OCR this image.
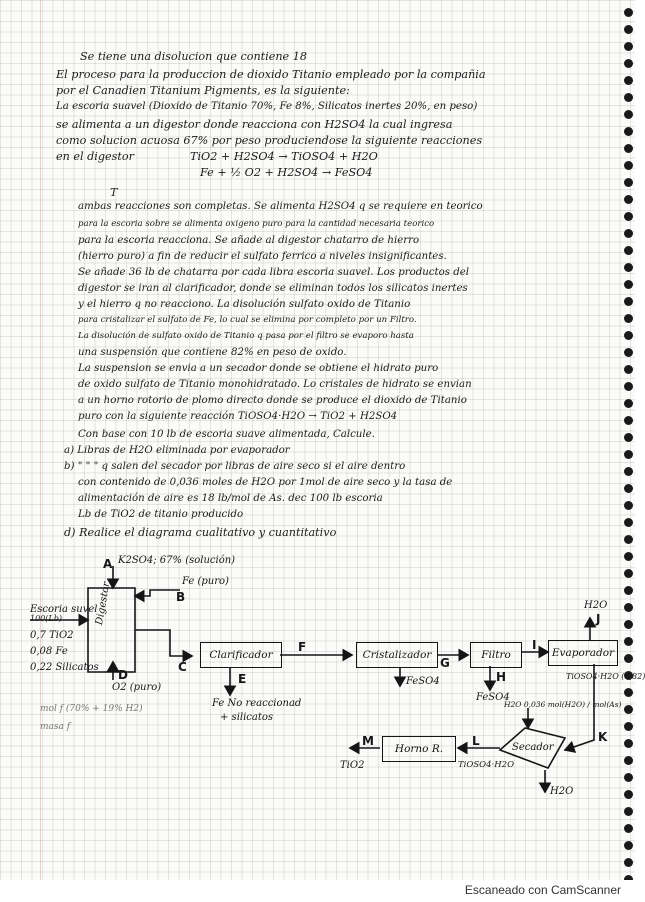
Se tiene una disolucion que contiene 18
El proceso para la produccion de dioxido Titanio empleado por la compañia
por el Canadien Titanium Pigments, es la siguiente:
La escoria suavel (Dioxido de Titanio 70%, Fe 8%, Silicatos inertes 20%, en peso)
se alimenta a un digestor donde reacciona con H2SO4 la cual ingresa
como solucion acuosa 67% por peso produciendose la siguiente reacciones
en el digestor	TiO2 + H2SO4 → TiOSO4 + H2O
Fe + ½ O2 + H2SO4 → FeSO4
T
ambas reacciones son completas. Se alimenta H2SO4 q se requiere en teorico
para la escoria sobre se alimenta oxigeno puro para la cantidad necesaria teorico
para la escoria reacciona. Se añade al digestor chatarro de hierro
(hierro puro) a fin de reducir el sulfato ferrico a niveles insignificantes.
Se añade 36 lb de chatarra por cada libra escoria suavel. Los productos del
digestor se iran al clarificador, donde se eliminan todos los silicatos inertes
y el hierro q no reacciono. La disolución sulfato oxido de Titanio
para cristalizar el sulfato de Fe, lo cual se elimina por completo por un Filtro.
La disolución de sulfato oxido de Titanio q pasa por el filtro se evaporo hasta
una suspensión que contiene 82% en peso de oxido.
La suspension se envia a un secador donde se obtiene el hidrato puro
de oxido sulfato de Titanio monohidratado. Lo cristales de hidrato se envian
a un horno rotorio de plomo directo donde se produce el dioxido de Titanio
puro con la siguiente reacción TiOSO4·H2O → TiO2 + H2SO4
Con base con 10 lb de escoria suave alimentada, Calcule.
a) Libras de H2O eliminada por evaporador
b) " " " q salen del secador por libras de aire seco si el aire dentro
con contenido de 0,036 moles de H2O por 1mol de aire seco y la tasa de
alimentación de aire es 18 lb/mol de As. dec 100 lb escoria
Lb de TiO2 de titanio producido
d) Realice el diagrama cualitativo y cuantitativo
Clarificador	Cristalizador	Filtro	Evaporador
Horno R.
Digestor
Secador
A K2SO4; 67% (solución)
B
Fe (puro)
Escoria suvel
100(Lb)
0,7 TiO2
0,08 Fe
0,22 Silicatos
D
O2 (puro)
C
E
Fe No reaccionad
+ silicatos
F
G
FeSO4	H
FeSO4
I
J
H2O
K
TiOSO4·H2O (0,82)
H2O 0,036 mol(H2O) / mol(As)
L
TiOSO4·H2O
M
TiO2
H2O
mol f (70% + 19% H2)
masa f
Escaneado con CamScanner
